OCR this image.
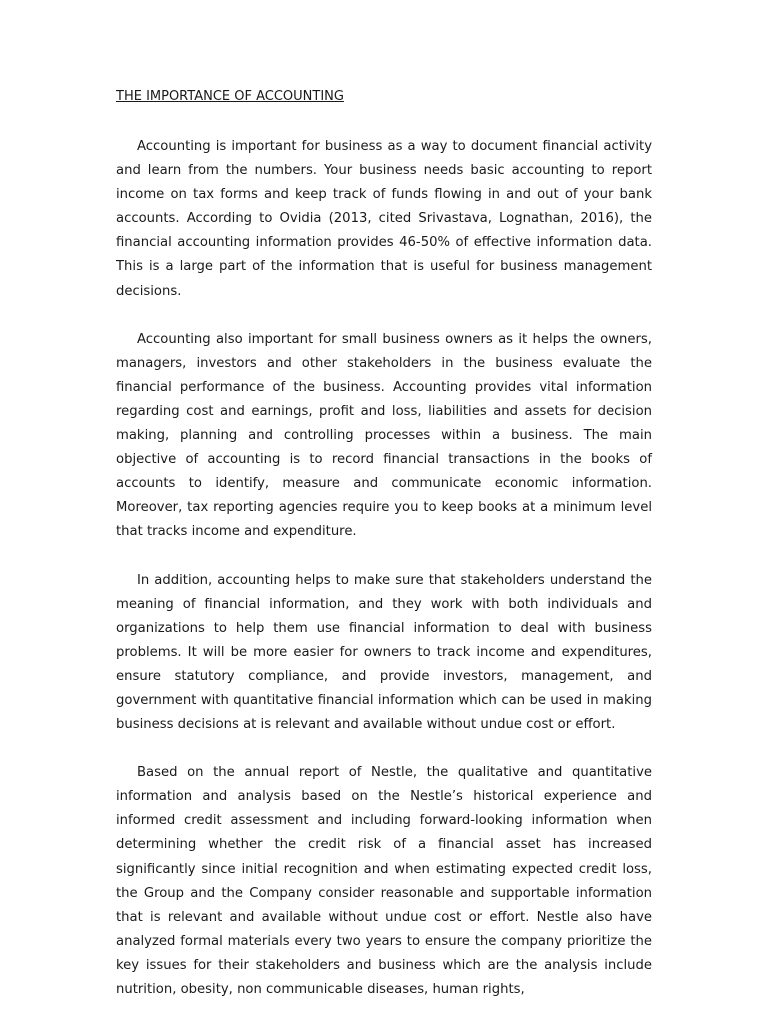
THE IMPORTANCE OF ACCOUNTING

Accounting is important for business as a way to document financial activity and learn from the numbers. Your business needs basic accounting to report income on tax forms and keep track of funds flowing in and out of your bank accounts. According to Ovidia (2013, cited Srivastava, Lognathan, 2016), the financial accounting information provides 46-50% of effective information data. This is a large part of the information that is useful for business management decisions.

Accounting also important for small business owners as it helps the owners, managers, investors and other stakeholders in the business evaluate the financial performance of the business. Accounting provides vital information regarding cost and earnings, profit and loss, liabilities and assets for decision making, planning and controlling processes within a business. The main objective of accounting is to record financial transactions in the books of accounts to identify, measure and communicate economic information. Moreover, tax reporting agencies require you to keep books at a minimum level that tracks income and expenditure.

In addition, accounting helps to make sure that stakeholders understand the meaning of financial information, and they work with both individuals and organizations to help them use financial information to deal with business problems. It will be more easier for owners to track income and expenditures, ensure statutory compliance, and provide investors, management, and government with quantitative financial information which can be used in making business decisions at is relevant and available without undue cost or effort.

Based on the annual report of Nestle, the qualitative and quantitative information and analysis based on the Nestle’s historical experience and informed credit assessment and including forward-looking information when determining whether the credit risk of a financial asset has increased significantly since initial recognition and when estimating expected credit loss, the Group and the Company consider reasonable and supportable information that is relevant and available without undue cost or effort. Nestle also have analyzed formal materials every two years to ensure the company prioritize the key issues for their stakeholders and business which are the analysis include nutrition, obesity, non communicable diseases, human rights,
